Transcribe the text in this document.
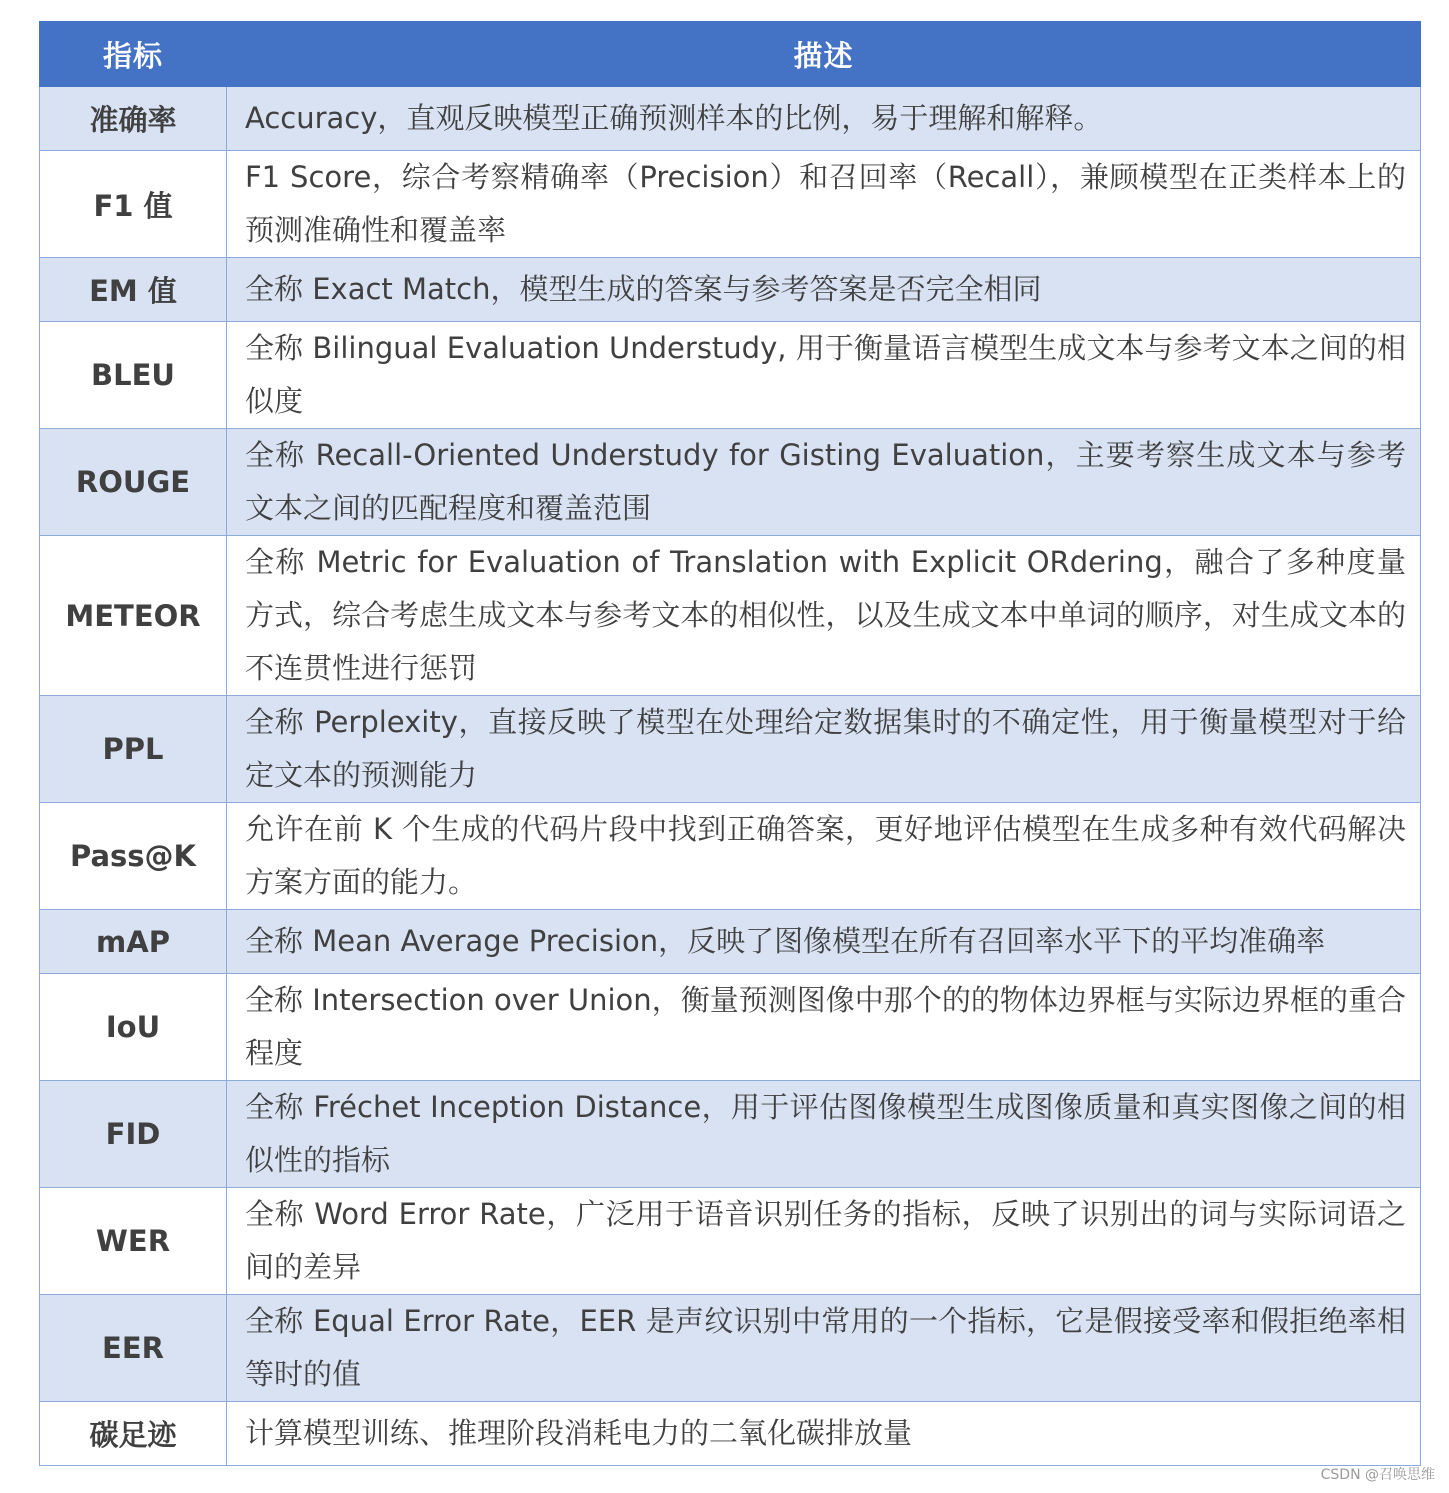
指标	描述
准确率	Accuracy，直观反映模型正确预测样本的比例，易于理解和解释。
F1 值	F1 Score，综合考察精确率（Precision）和召回率（Recall），兼顾模型在正类样本上的预测准确性和覆盖率
EM 值	全称 Exact Match，模型生成的答案与参考答案是否完全相同
BLEU	全称 Bilingual Evaluation Understudy, 用于衡量语言模型生成文本与参考文本之间的相似度
ROUGE	全称 Recall-Oriented Understudy for Gisting Evaluation，主要考察生成文本与参考文本之间的匹配程度和覆盖范围
METEOR	全称 Metric for Evaluation of Translation with Explicit ORdering，融合了多种度量方式，综合考虑生成文本与参考文本的相似性，以及生成文本中单词的顺序，对生成文本的不连贯性进行惩罚
PPL	全称 Perplexity，直接反映了模型在处理给定数据集时的不确定性，用于衡量模型对于给定文本的预测能力
Pass@K	允许在前 K 个生成的代码片段中找到正确答案，更好地评估模型在生成多种有效代码解决方案方面的能力。
mAP	全称 Mean Average Precision，反映了图像模型在所有召回率水平下的平均准确率
IoU	全称 Intersection over Union，衡量预测图像中那个的的物体边界框与实际边界框的重合程度
FID	全称 Fréchet Inception Distance，用于评估图像模型生成图像质量和真实图像之间的相似性的指标
WER	全称 Word Error Rate，广泛用于语音识别任务的指标，反映了识别出的词与实际词语之间的差异
EER	全称 Equal Error Rate，EER 是声纹识别中常用的一个指标，它是假接受率和假拒绝率相等时的值
碳足迹	计算模型训练、推理阶段消耗电力的二氧化碳排放量
CSDN @召唤思维
